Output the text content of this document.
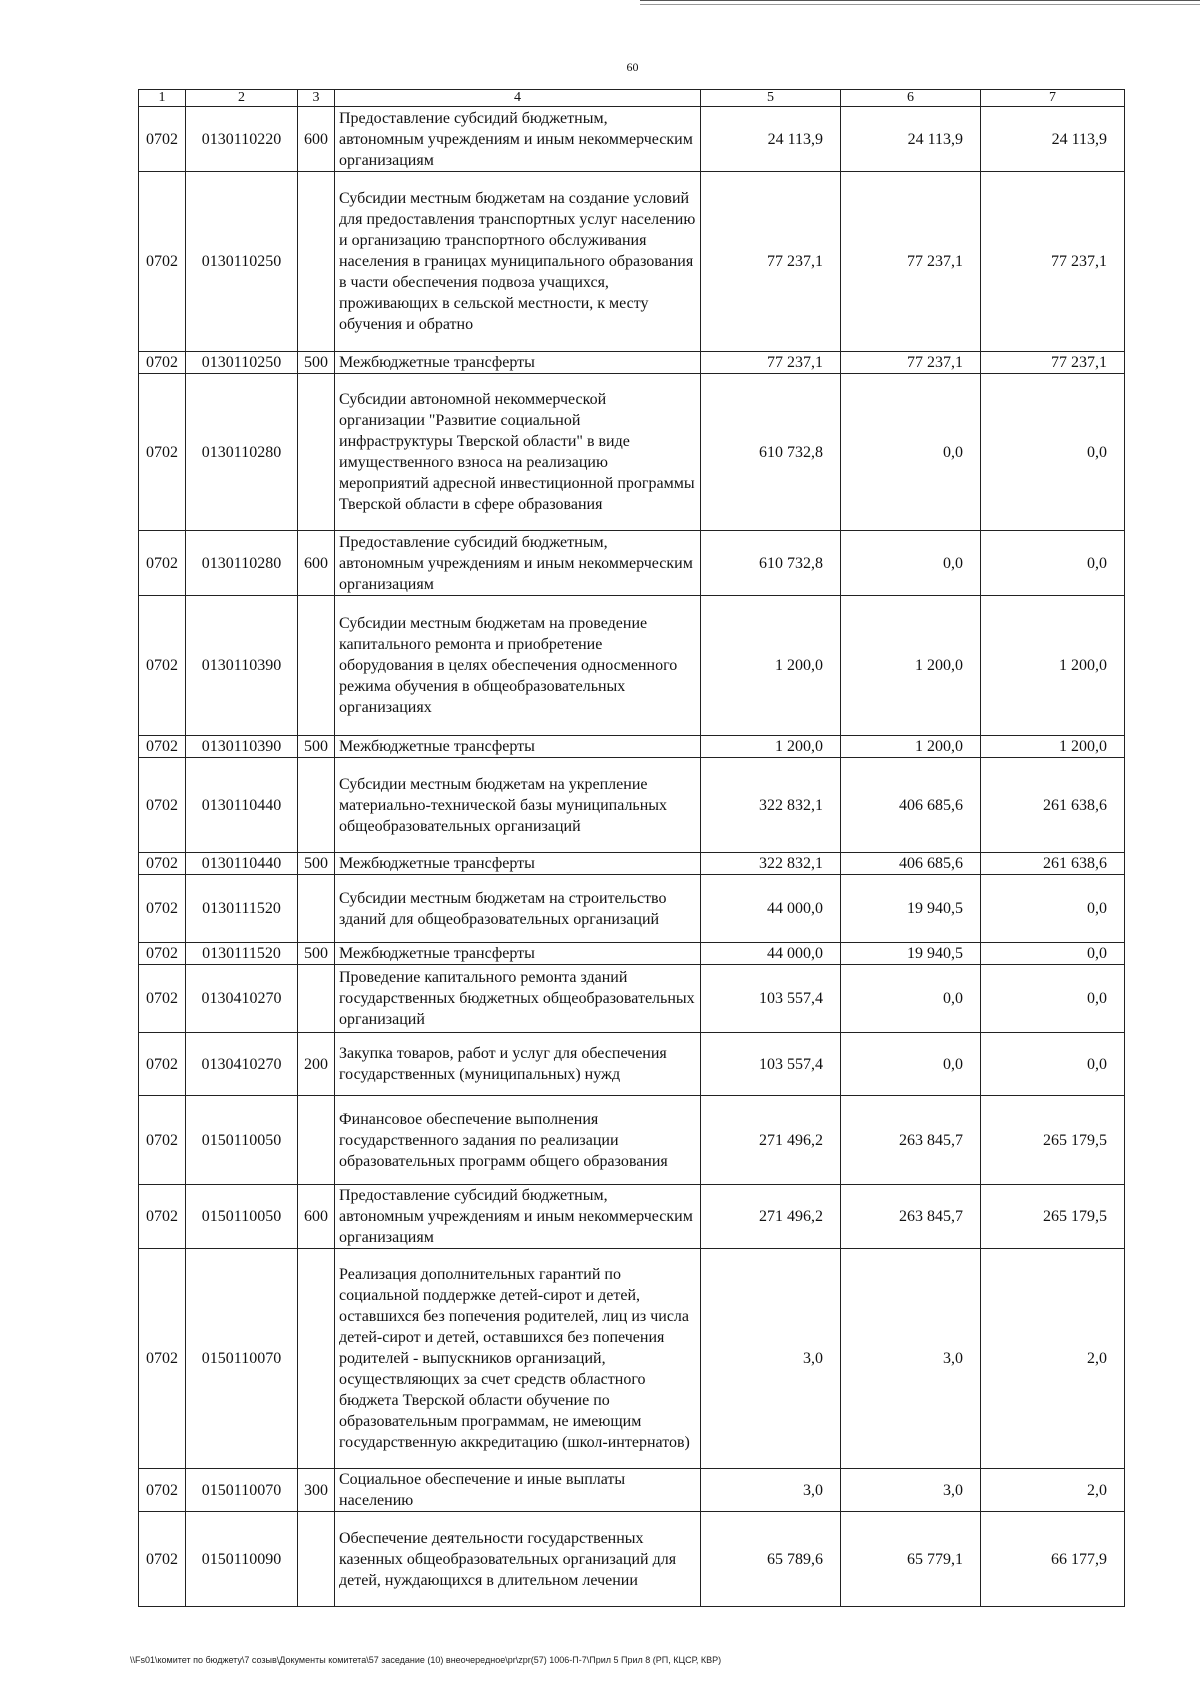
60
1	2	3	4	5	6	7
0702	0130110220	600	Предоставление субсидий бюджетным, автономным учреждениям и иным некоммерческим организациям	24 113,9	24 113,9	24 113,9
0702	0130110250		Субсидии местным бюджетам на создание условий для предоставления транспортных услуг населению и организацию транспортного обслуживания населения в границах муниципального образования в части обеспечения подвоза учащихся, проживающих в сельской местности, к месту обучения и обратно	77 237,1	77 237,1	77 237,1
0702	0130110250	500	Межбюджетные трансферты	77 237,1	77 237,1	77 237,1
0702	0130110280		Субсидии автономной некоммерческой организации "Развитие социальной инфраструктуры Тверской области" в виде имущественного взноса на реализацию мероприятий адресной инвестиционной программы Тверской области в сфере образования	610 732,8	0,0	0,0
0702	0130110280	600	Предоставление субсидий бюджетным, автономным учреждениям и иным некоммерческим организациям	610 732,8	0,0	0,0
0702	0130110390		Субсидии местным бюджетам на проведение капитального ремонта и приобретение оборудования в целях обеспечения односменного режима обучения в общеобразовательных организациях	1 200,0	1 200,0	1 200,0
0702	0130110390	500	Межбюджетные трансферты	1 200,0	1 200,0	1 200,0
0702	0130110440		Субсидии местным бюджетам на укрепление материально-технической базы муниципальных общеобразовательных организаций	322 832,1	406 685,6	261 638,6
0702	0130110440	500	Межбюджетные трансферты	322 832,1	406 685,6	261 638,6
0702	0130111520		Субсидии местным бюджетам на строительство зданий для общеобразовательных организаций	44 000,0	19 940,5	0,0
0702	0130111520	500	Межбюджетные трансферты	44 000,0	19 940,5	0,0
0702	0130410270		Проведение капитального ремонта зданий государственных бюджетных общеобразовательных организаций	103 557,4	0,0	0,0
0702	0130410270	200	Закупка товаров, работ и услуг для обеспечения государственных (муниципальных) нужд	103 557,4	0,0	0,0
0702	0150110050		Финансовое обеспечение выполнения государственного задания по реализации образовательных программ общего образования	271 496,2	263 845,7	265 179,5
0702	0150110050	600	Предоставление субсидий бюджетным, автономным учреждениям и иным некоммерческим организациям	271 496,2	263 845,7	265 179,5
0702	0150110070		Реализация дополнительных гарантий по социальной поддержке детей-сирот и детей, оставшихся без попечения родителей, лиц из числа детей-сирот и детей, оставшихся без попечения родителей - выпускников организаций, осуществляющих за счет средств областного бюджета Тверской области обучение по образовательным программам, не имеющим государственную аккредитацию (школ-интернатов)	3,0	3,0	2,0
0702	0150110070	300	Социальное обеспечение и иные выплаты населению	3,0	3,0	2,0
0702	0150110090		Обеспечение деятельности государственных казенных общеобразовательных организаций для детей, нуждающихся в длительном лечении	65 789,6	65 779,1	66 177,9
\\Fs01\комитет по бюджету\7 созыв\Документы комитета\57 заседание (10) внеочередное\pr\zpr(57) 1006-П-7\Прил 5 Прил 8 (РП, КЦСР, КВР)
